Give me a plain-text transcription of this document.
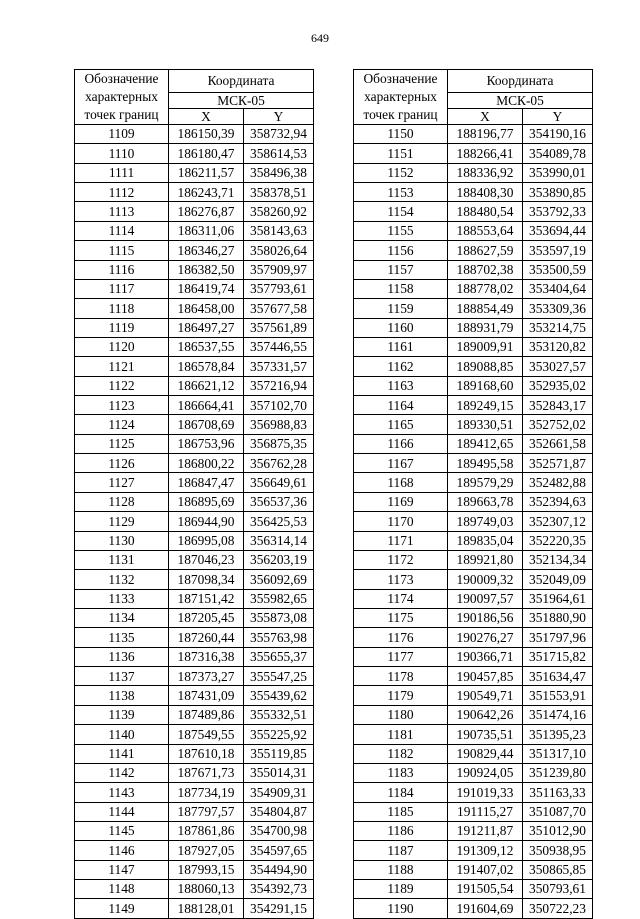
649
Обозначение
характерных
точек границ	Координата	

	МСК-05	
	X	Y
1109	186150,39	358732,94
1110	186180,47	358614,53
1111	186211,57	358496,38
1112	186243,71	358378,51
1113	186276,87	358260,92
1114	186311,06	358143,63
1115	186346,27	358026,64
1116	186382,50	357909,97
1117	186419,74	357793,61
1118	186458,00	357677,58
1119	186497,27	357561,89
1120	186537,55	357446,55
1121	186578,84	357331,57
1122	186621,12	357216,94
1123	186664,41	357102,70
1124	186708,69	356988,83
1125	186753,96	356875,35
1126	186800,22	356762,28
1127	186847,47	356649,61
1128	186895,69	356537,36
1129	186944,90	356425,53
1130	186995,08	356314,14
1131	187046,23	356203,19
1132	187098,34	356092,69
1133	187151,42	355982,65
1134	187205,45	355873,08
1135	187260,44	355763,98
1136	187316,38	355655,37
1137	187373,27	355547,25
1138	187431,09	355439,62
1139	187489,86	355332,51
1140	187549,55	355225,92
1141	187610,18	355119,85
1142	187671,73	355014,31
1143	187734,19	354909,31
1144	187797,57	354804,87
1145	187861,86	354700,98
1146	187927,05	354597,65
1147	187993,15	354494,90
1148	188060,13	354392,73
1149	188128,01	354291,15
Обозначение
характерных
точек границ	Координата	

	МСК-05	
	X	Y
1150	188196,77	354190,16
1151	188266,41	354089,78
1152	188336,92	353990,01
1153	188408,30	353890,85
1154	188480,54	353792,33
1155	188553,64	353694,44
1156	188627,59	353597,19
1157	188702,38	353500,59
1158	188778,02	353404,64
1159	188854,49	353309,36
1160	188931,79	353214,75
1161	189009,91	353120,82
1162	189088,85	353027,57
1163	189168,60	352935,02
1164	189249,15	352843,17
1165	189330,51	352752,02
1166	189412,65	352661,58
1167	189495,58	352571,87
1168	189579,29	352482,88
1169	189663,78	352394,63
1170	189749,03	352307,12
1171	189835,04	352220,35
1172	189921,80	352134,34
1173	190009,32	352049,09
1174	190097,57	351964,61
1175	190186,56	351880,90
1176	190276,27	351797,96
1177	190366,71	351715,82
1178	190457,85	351634,47
1179	190549,71	351553,91
1180	190642,26	351474,16
1181	190735,51	351395,23
1182	190829,44	351317,10
1183	190924,05	351239,80
1184	191019,33	351163,33
1185	191115,27	351087,70
1186	191211,87	351012,90
1187	191309,12	350938,95
1188	191407,02	350865,85
1189	191505,54	350793,61
1190	191604,69	350722,23
